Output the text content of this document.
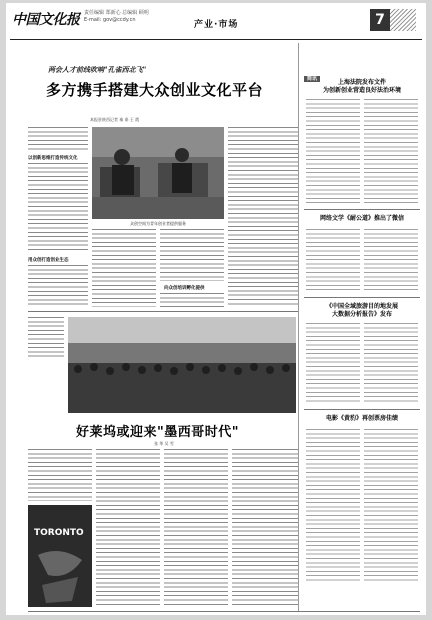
中国文化报 责任编辑 郑新心 总编辑 顾明
E-mail: gov@ccdy.cn	产业·市场	7
两会人才前线吹响"孔雀西北飞"
多方携手搭建大众创业文化平台
本报驻陕西记者 秦 泰 王 霞
以创新思维打造传统文化
用众创打造创业生态
众创空间为青年创业者提供服务
向众创培训孵化提供
好莱坞或迎来"墨西哥时代"
张 华 吴 雪
TORONTO
简讯	上海法院发布文件
为创新创业营造良好法治环境
网络文学《耐公道》推出了微信
《中国全域旅游目的地发展
大数据分析报告》发布
电影《黄豹》再创票房佳绩
